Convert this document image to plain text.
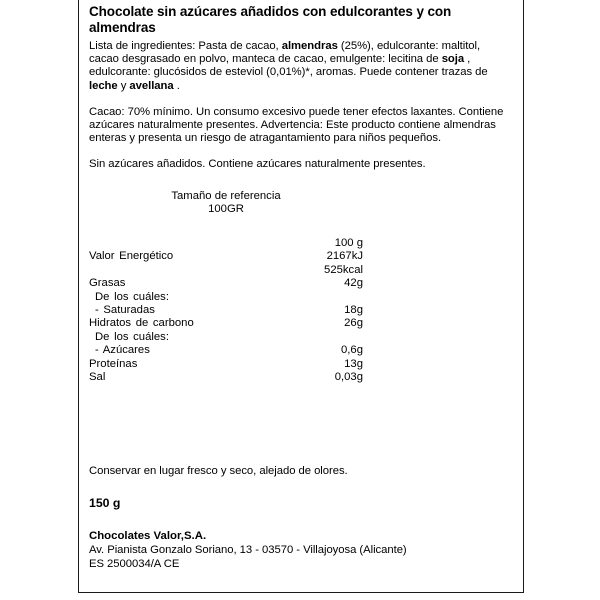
Chocolate sin azúcares añadidos con edulcorantes y con almendras

Lista de ingredientes: Pasta de cacao, almendras (25%), edulcorante: maltitol, cacao desgrasado en polvo, manteca de cacao, emulgente: lecitina de soja , edulcorante: glucósidos de esteviol (0,01%)*, aromas. Puede contener trazas de leche y avellana .

Cacao: 70% mínimo. Un consumo excesivo puede tener efectos laxantes. Contiene azúcares naturalmente presentes. Advertencia: Este producto contiene almendras enteras y presenta un riesgo de atragantamiento para niños pequeños.

Sin azúcares añadidos. Contiene azúcares naturalmente presentes.

Tamaño de referencia
100GR
	100 g
Valor Energético	2167kJ
	525kcal
Grasas	42g
De los cuáles:	
- Saturadas	18g
Hidratos de carbono	26g
De los cuáles:	
- Azúcares	0,6g
Proteínas	13g
Sal	0,03g

Conservar en lugar fresco y seco, alejado de olores.

150 g

Chocolates Valor,S.A.

Av. Pianista Gonzalo Soriano, 13 - 03570 - Villajoyosa (Alicante)

ES 2500034/A CE
